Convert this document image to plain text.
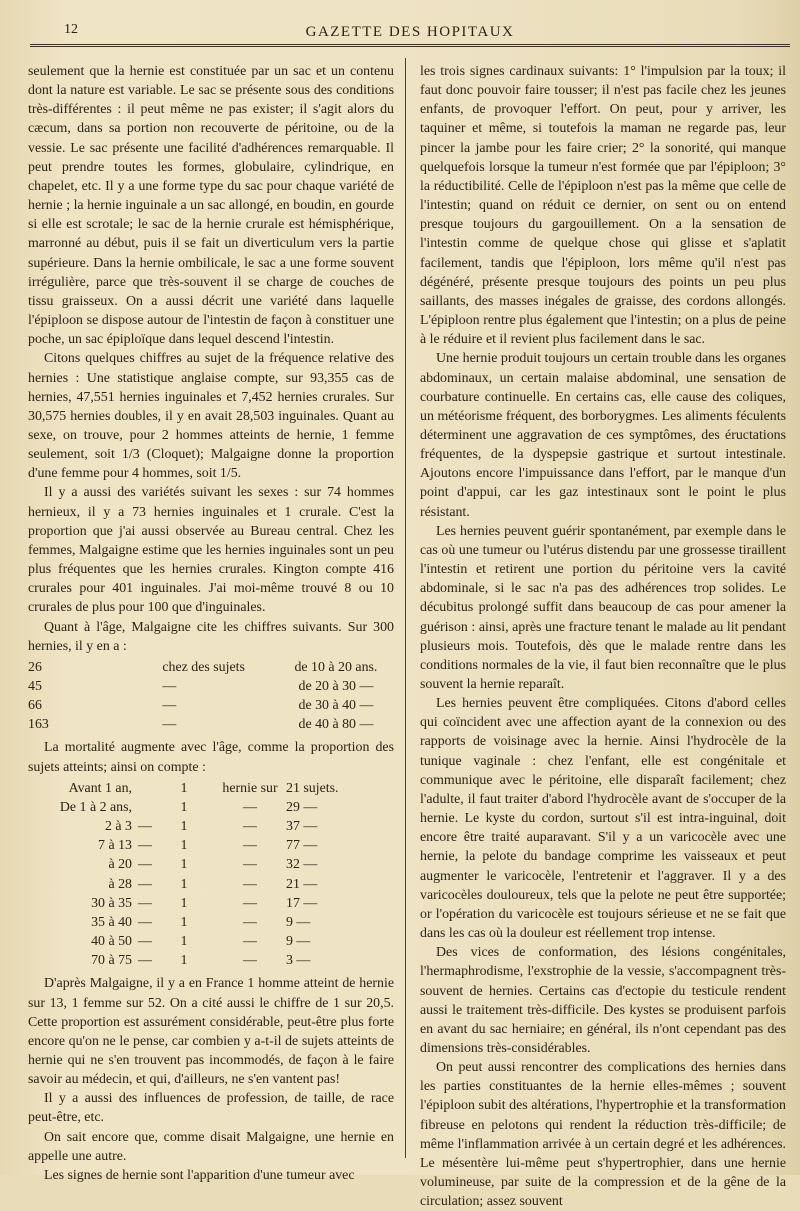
12	GAZETTE DES HOPITAUX

seulement que la hernie est constituée par un sac et un contenu dont la nature est variable. Le sac se présente sous des conditions très-différentes : il peut même ne pas exister; il s'agit alors du cæcum, dans sa portion non recouverte de péritoine, ou de la vessie. Le sac présente une facilité d'adhérences remarquable. Il peut prendre toutes les formes, globulaire, cylindrique, en chapelet, etc. Il y a une forme type du sac pour chaque variété de hernie ; la hernie inguinale a un sac allongé, en boudin, en gourde si elle est scrotale; le sac de la hernie crurale est hémisphérique, marronné au début, puis il se fait un diverticulum vers la partie supérieure. Dans la hernie ombilicale, le sac a une forme souvent irrégulière, parce que très-souvent il se charge de couches de tissu graisseux. On a aussi décrit une variété dans laquelle l'épiploon se dispose autour de l'intestin de façon à constituer une poche, un sac épiploïque dans lequel descend l'intestin.

Citons quelques chiffres au sujet de la fréquence relative des hernies : Une statistique anglaise compte, sur 93,355 cas de hernies, 47,551 hernies inguinales et 7,452 hernies crurales. Sur 30,575 hernies doubles, il y en avait 28,503 inguinales. Quant au sexe, on trouve, pour 2 hommes atteints de hernie, 1 femme seulement, soit 1/3 (Cloquet); Malgaigne donne la proportion d'une femme pour 4 hommes, soit 1/5.

Il y a aussi des variétés suivant les sexes : sur 74 hommes hernieux, il y a 73 hernies inguinales et 1 crurale. C'est la proportion que j'ai aussi observée au Bureau central. Chez les femmes, Malgaigne estime que les hernies inguinales sont un peu plus fréquentes que les hernies crurales. Kington compte 416 crurales pour 401 inguinales. J'ai moi-même trouvé 8 ou 10 crurales de plus pour 100 que d'inguinales.

Quant à l'âge, Malgaigne cite les chiffres suivants. Sur 300 hernies, il y en a :

26	chez des sujets	de 10 à 20 ans.
45	—	de 20 à 30 —
66	—	de 30 à 40 —
163	—	de 40 à 80 —

La mortalité augmente avec l'âge, comme la proportion des sujets atteints; ainsi on compte :

Avant 1 an,		1	hernie sur	21 sujets.
De 1 à 2 ans,		1	—	29 —
2 à 3	—	1	—	37 —
7 à 13	—	1	—	77 —
à 20	—	1	—	32 —
à 28	—	1	—	21 —
30 à 35	—	1	—	17 —
35 à 40	—	1	—	9 —
40 à 50	—	1	—	9 —
70 à 75	—	1	—	3 —

D'après Malgaigne, il y a en France 1 homme atteint de hernie sur 13, 1 femme sur 52. On a cité aussi le chiffre de 1 sur 20,5. Cette proportion est assurément considérable, peut-être plus forte encore qu'on ne le pense, car combien y a-t-il de sujets atteints de hernie qui ne s'en trouvent pas incommodés, de façon à le faire savoir au médecin, et qui, d'ailleurs, ne s'en vantent pas!

Il y a aussi des influences de profession, de taille, de race peut-être, etc.

On sait encore que, comme disait Malgaigne, une hernie en appelle une autre.

Les signes de hernie sont l'apparition d'une tumeur avec

les trois signes cardinaux suivants: 1° l'impulsion par la toux; il faut donc pouvoir faire tousser; il n'est pas facile chez les jeunes enfants, de provoquer l'effort. On peut, pour y arriver, les taquiner et même, si toutefois la maman ne regarde pas, leur pincer la jambe pour les faire crier; 2° la sonorité, qui manque quelquefois lorsque la tumeur n'est formée que par l'épiploon; 3° la réductibilité. Celle de l'épiploon n'est pas la même que celle de l'intestin; quand on réduit ce dernier, on sent ou on entend presque toujours du gargouillement. On a la sensation de l'intestin comme de quelque chose qui glisse et s'aplatit facilement, tandis que l'épiploon, lors même qu'il n'est pas dégénéré, présente presque toujours des points un peu plus saillants, des masses inégales de graisse, des cordons allongés. L'épiploon rentre plus également que l'intestin; on a plus de peine à le réduire et il revient plus facilement dans le sac.

Une hernie produit toujours un certain trouble dans les organes abdominaux, un certain malaise abdominal, une sensation de courbature continuelle. En certains cas, elle cause des coliques, un météorisme fréquent, des borborygmes. Les aliments féculents déterminent une aggravation de ces symptômes, des éructations fréquentes, de la dyspepsie gastrique et surtout intestinale. Ajoutons encore l'impuissance dans l'effort, par le manque d'un point d'appui, car les gaz intestinaux sont le point le plus résistant.

Les hernies peuvent guérir spontanément, par exemple dans le cas où une tumeur ou l'utérus distendu par une grossesse tiraillent l'intestin et retirent une portion du péritoine vers la cavité abdominale, si le sac n'a pas des adhérences trop solides. Le décubitus prolongé suffit dans beaucoup de cas pour amener la guérison : ainsi, après une fracture tenant le malade au lit pendant plusieurs mois. Toutefois, dès que le malade rentre dans les conditions normales de la vie, il faut bien reconnaître que le plus souvent la hernie reparaît.

Les hernies peuvent être compliquées. Citons d'abord celles qui coïncident avec une affection ayant de la connexion ou des rapports de voisinage avec la hernie. Ainsi l'hydrocèle de la tunique vaginale : chez l'enfant, elle est congénitale et communique avec le péritoine, elle disparaît facilement; chez l'adulte, il faut traiter d'abord l'hydrocèle avant de s'occuper de la hernie. Le kyste du cordon, surtout s'il est intra-inguinal, doit encore être traité auparavant. S'il y a un varicocèle avec une hernie, la pelote du bandage comprime les vaisseaux et peut augmenter le varicocèle, l'entretenir et l'aggraver. Il y a des varicocèles douloureux, tels que la pelote ne peut être supportée; or l'opération du varicocèle est toujours sérieuse et ne se fait que dans les cas où la douleur est réellement trop intense.

Des vices de conformation, des lésions congénitales, l'hermaphrodisme, l'exstrophie de la vessie, s'accompagnent très-souvent de hernies. Certains cas d'ectopie du testicule rendent aussi le traitement très-difficile. Des kystes se produisent parfois en avant du sac herniaire; en général, ils n'ont cependant pas des dimensions très-considérables.

On peut aussi rencontrer des complications des hernies dans les parties constituantes de la hernie elles-mêmes ; souvent l'épiploon subit des altérations, l'hypertrophie et la transformation fibreuse en pelotons qui rendent la réduction très-difficile; de même l'inflammation arrivée à un certain degré et les adhérences. Le mésentère lui-même peut s'hypertrophier, dans une hernie volumineuse, par suite de la compression et de la gêne de la circulation; assez souvent
